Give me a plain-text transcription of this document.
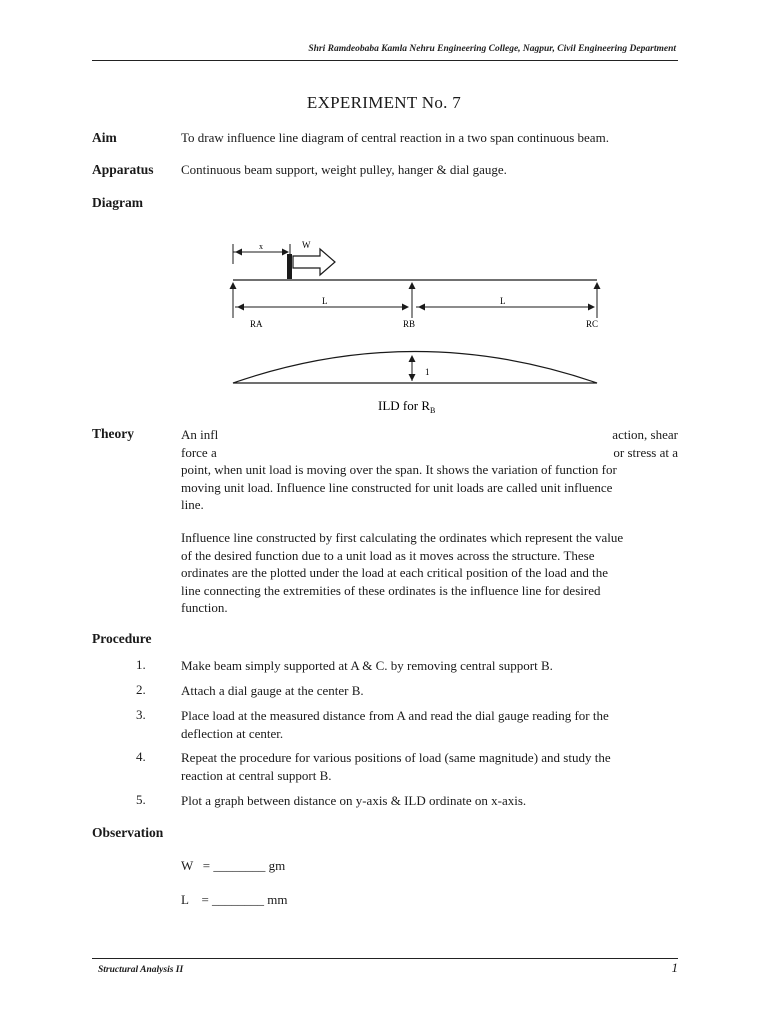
Shri Ramdeobaba Kamla Nehru Engineering College, Nagpur, Civil Engineering Department
EXPERIMENT No. 7
Aim	To draw influence line diagram of central reaction in a two span continuous beam.
Apparatus Continuous beam support, weight pulley, hanger & dial gauge.
Diagram
x	W
L	L
RA	RB	RC
1
ILD for $R_B$
Theory	An infl	action, shear
force a	or stress at a
point, when unit load is moving over the span. It shows the variation of function for
moving unit load. Influence line constructed for unit loads are called unit influence
line.
Influence line constructed by first calculating the ordinates which represent the value
of the desired function due to a unit load as it moves across the structure. These
ordinates are the plotted under the load at each critical position of the load and the
line connecting the extremities of these ordinates is the influence line for desired
function.
Procedure
1.	Make beam simply supported at A & C. by removing central support B.
2.	Attach a dial gauge at the center B.
3.	Place load at the measured distance from A and read the dial gauge reading for the
deflection at center.
4.	Repeat the procedure for various positions of load (same magnitude) and study the
reaction at central support B.
5.	Plot a graph between distance on y-axis & ILD ordinate on x-axis.
Observation
W   = ________ gm
L    = ________ mm
Structural Analysis II	1
